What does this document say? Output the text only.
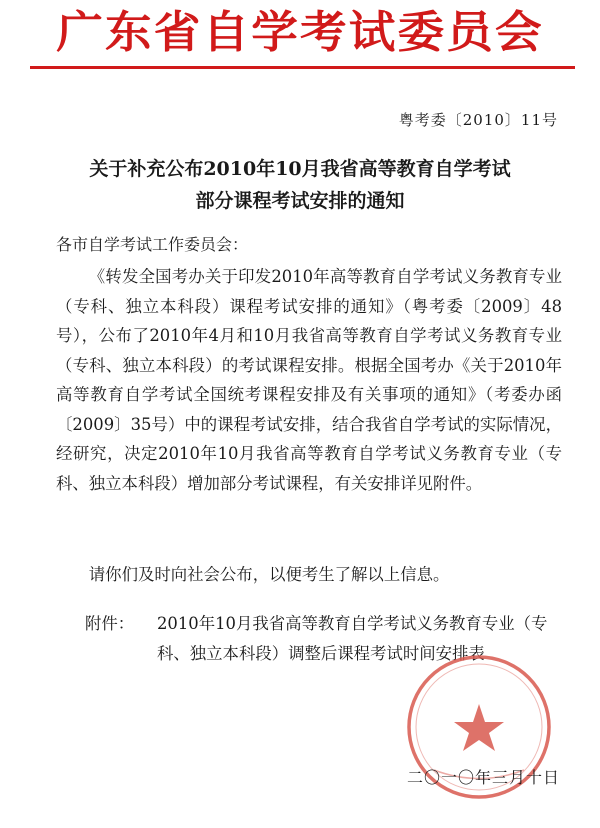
广东省自学考试委员会
粤考委〔2010〕11号
关于补充公布2010年10月我省高等教育自学考试
部分课程考试安排的通知
各市自学考试工作委员会：
《转发全国考办关于印发2010年高等教育自学考试义务教育专业（专科、独立本科段）课程考试安排的通知》（粤考委〔2009〕48号），公布了2010年4月和10月我省高等教育自学考试义务教育专业（专科、独立本科段）的考试课程安排。根据全国考办《关于2010年高等教育自学考试全国统考课程安排及有关事项的通知》（考委办函〔2009〕35号）中的课程考试安排，结合我省自学考试的实际情况，经研究，决定2010年10月我省高等教育自学考试义务教育专业（专科、独立本科段）增加部分考试课程，有关安排详见附件。
请你们及时向社会公布，以便考生了解以上信息。
附件：	2010年10月我省高等教育自学考试义务教育专业（专科、独立本科段）调整后课程考试时间安排表
二〇一〇年三月十日
